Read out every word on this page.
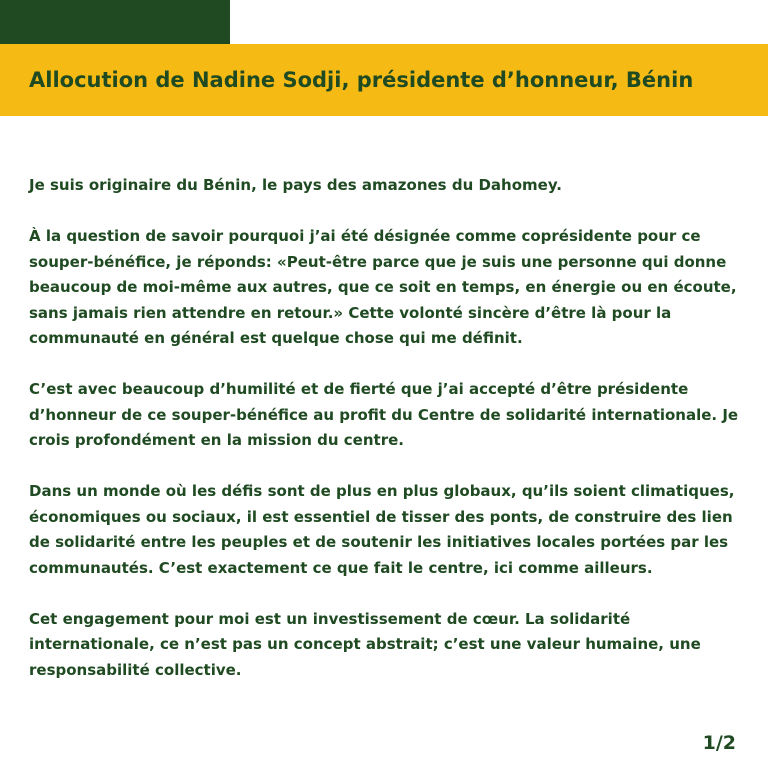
Allocution de Nadine Sodji, présidente d’honneur, Bénin

Je suis originaire du Bénin, le pays des amazones du Dahomey.

À la question de savoir pourquoi j’ai été désignée comme coprésidente pour ce souper-bénéfice, je réponds: «Peut-être parce que je suis une personne qui donne beaucoup de moi-même aux autres, que ce soit en temps, en énergie ou en écoute, sans jamais rien attendre en retour.» Cette volonté sincère d’être là pour la communauté en général est quelque chose qui me définit.

C’est avec beaucoup d’humilité et de fierté que j’ai accepté d’être présidente d’honneur de ce souper-bénéfice au profit du Centre de solidarité internationale. Je crois profondément en la mission du centre.

Dans un monde où les défis sont de plus en plus globaux, qu’ils soient climatiques, économiques ou sociaux, il est essentiel de tisser des ponts, de construire des lien de solidarité entre les peuples et de soutenir les initiatives locales portées par les communautés. C’est exactement ce que fait le centre, ici comme ailleurs.

Cet engagement pour moi est un investissement de cœur. La solidarité internationale, ce n’est pas un concept abstrait; c’est une valeur humaine, une responsabilité collective.

1/2
